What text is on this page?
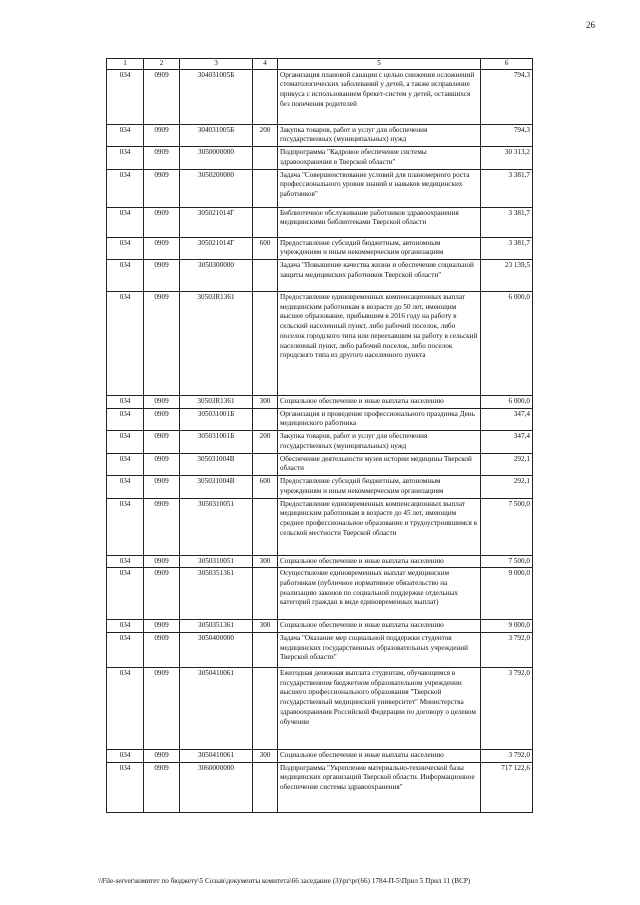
26
1	2	3	4	5	6
034	0909	304031005Б		Организация плановой санации с целью снижения осложнений стоматологических заболеваний у детей, а также исправление прикуса с использованием брекет-систем у детей, оставшихся без попечения родителей	794,3
034	0909	304031005Б	200	Закупка товаров, работ и услуг для обеспечения государственных (муниципальных) нужд	794,3
034	0909	3050000000		Подпрограмма "Кадровое обеспечение системы здравоохранения в Тверской области"	30 313,2
034	0909	3050200000		Задача "Совершенствование условий для планомерного роста профессионального уровня знаний и навыков медицинских работников"	3 381,7
034	0909	305021014Г		Библиотечное обслуживание работников здравоохранения медицинскими библиотеками Тверской области	3 381,7
034	0909	305021014Г	600	Предоставление субсидий бюджетным, автономным учреждениям и иным некоммерческим организациям	3 381,7
034	0909	3050300000		Задача "Повышение качества жизни и обеспечение социальной защиты медицинских работников Тверской области"	23 139,5
034	0909	30503R1361		Предоставление единовременных компенсационных выплат медицинским работникам в возрасте до 50 лет, имеющим высшее образование, прибывшим в 2016 году на работу в сельский населенный пункт, либо рабочий поселок, либо поселок городского типа или переехавшим на работу в сельский населенный пункт, либо рабочий поселок, либо поселок городского типа из другого населенного пункта	6 000,0
034	0909	30503R1361	300	Социальное обеспечение и иные выплаты населению	6 000,0
034	0909	305031001Б		Организация и проведение профессионального праздника День медицинского работника	347,4
034	0909	305031001Б	200	Закупка товаров, работ и услуг для обеспечения государственных (муниципальных) нужд	347,4
034	0909	305031004В		Обеспечение деятельности музея истории медицины Тверской области	292,1
034	0909	305031004В	600	Предоставление субсидий бюджетным, автономным учреждениям и иным некоммерческим организациям	292,1
034	0909	3050310051		Предоставление единовременных компенсационных выплат медицинским работникам в возрасте до 45 лет, имеющим среднее профессиональное образование и трудоустроившимся в сельской местности Тверской области	7 500,0
034	0909	3050310051	300	Социальное обеспечение и иные выплаты населению	7 500,0
034	0909	3050351361		Осуществление единовременных выплат медицинским работникам (публичное нормативное обязательство на реализацию законов по социальной поддержке отдельных категорий граждан в виде единовременных выплат)	9 000,0
034	0909	3050351361	300	Социальное обеспечение и иные выплаты населению	9 000,0
034	0909	3050400000		Задача "Оказание мер социальной поддержки студентов медицинских государственных образовательных учреждений Тверской области"	3 792,0
034	0909	3050410061		Ежегодная денежная выплата студентам, обучающимся в государственном бюджетном образовательном учреждении высшего профессионального образования "Тверской государственный медицинский университет" Министерства здравоохранения Российской Федерации по договору о целевом обучении	3 792,0
034	0909	3050410061	300	Социальное обеспечение и иные выплаты населению	3 792,0
034	0909	3060000000		Подпрограмма "Укрепление материально-технической базы медицинских организаций Тверской области. Информационное обеспечение системы здравоохранения"	717 122,6
\\File-server\комитет по бюджету\5 Созыв\документы комитета\66 заседание (3)\рг\рг(66) 1784-П-5\Прил 5 Прил 11 (ВСР)
